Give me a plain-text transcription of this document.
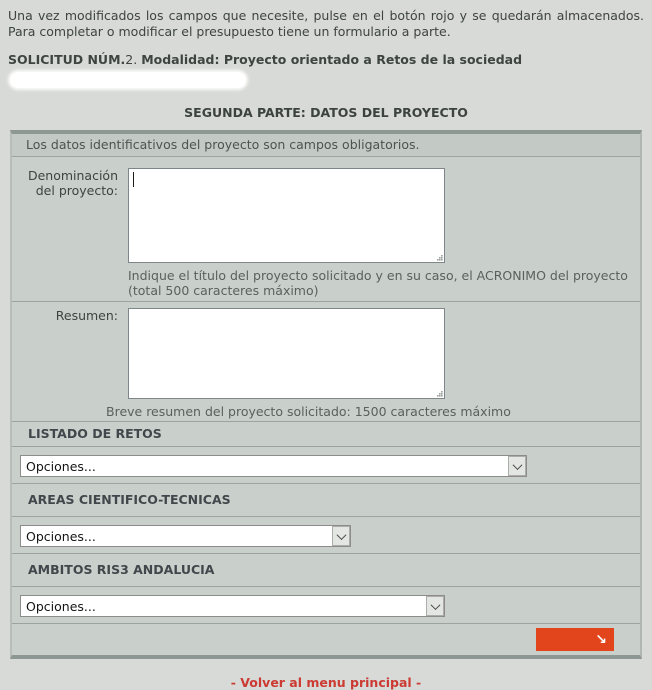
Una vez modificados los campos que necesite, pulse en el botón rojo y se quedarán almacenados. Para completar o modificar el presupuesto tiene un formulario a parte.
SOLICITUD NÚM.2. Modalidad: Proyecto orientado a Retos de la sociedad
SEGUNDA PARTE: DATOS DEL PROYECTO
Los datos identificativos del proyecto son campos obligatorios.
Denominación del proyecto:
Indique el título del proyecto solicitado y en su caso, el ACRONIMO del proyecto (total 500 caracteres máximo)
Resumen:
Breve resumen del proyecto solicitado: 1500 caracteres máximo
LISTADO DE RETOS
Opciones...
AREAS CIENTIFICO-TECNICAS
Opciones...
AMBITOS RIS3 ANDALUCIA
Opciones...
↘
- Volver al menu principal -
